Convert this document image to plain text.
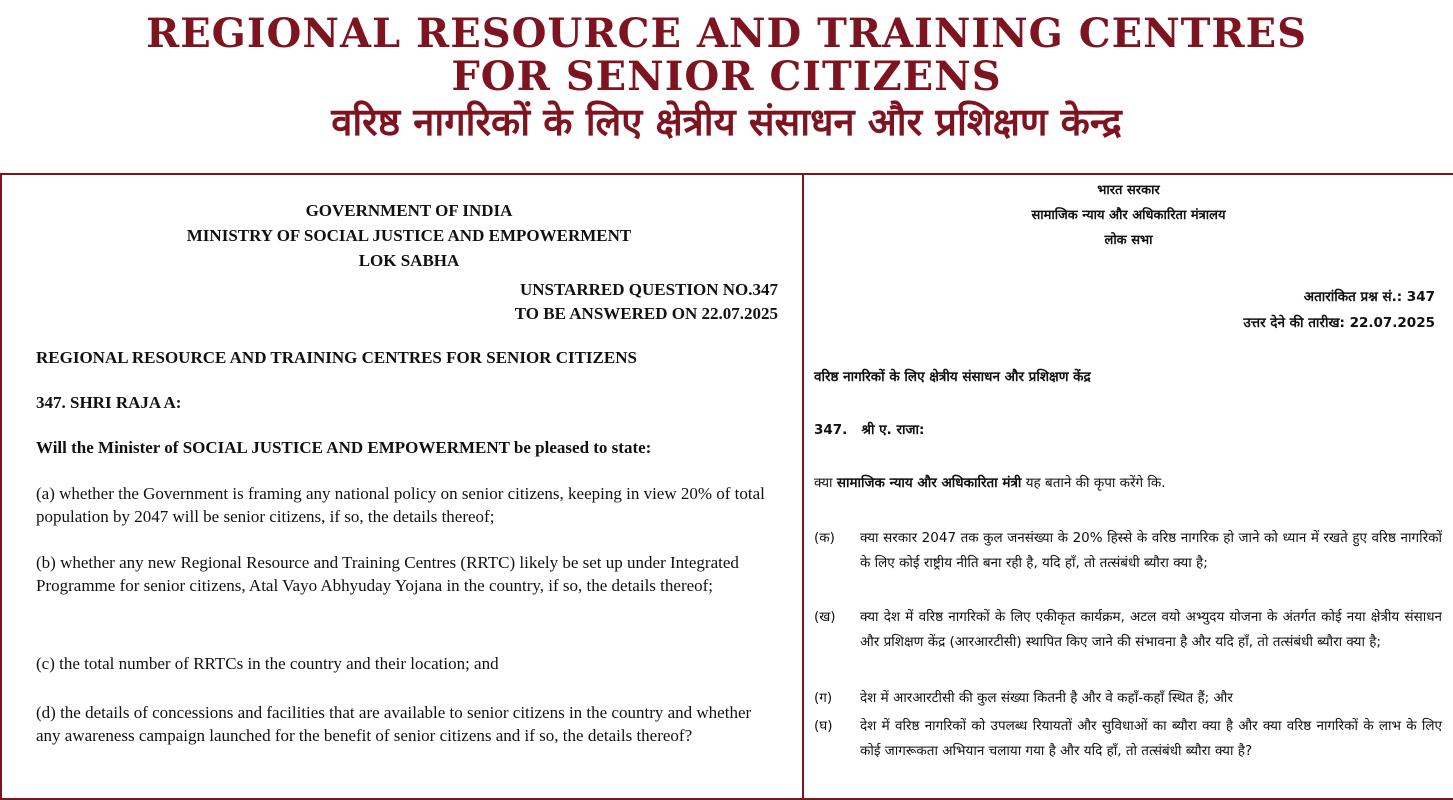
REGIONAL RESOURCE AND TRAINING CENTRES
FOR SENIOR CITIZENS
वरिष्ठ नागरिकों के लिए क्षेत्रीय संसाधन और प्रशिक्षण केन्द्र
GOVERNMENT OF INDIA
MINISTRY OF SOCIAL JUSTICE AND EMPOWERMENT
LOK SABHA
UNSTARRED QUESTION NO.347
TO BE ANSWERED ON 22.07.2025
REGIONAL RESOURCE AND TRAINING CENTRES FOR SENIOR CITIZENS
347. SHRI RAJA A:
Will the Minister of SOCIAL JUSTICE AND EMPOWERMENT be pleased to state:
(a) whether the Government is framing any national policy on senior citizens, keeping in view 20% of total population by 2047 will be senior citizens, if so, the details thereof;
(b) whether any new Regional Resource and Training Centres (RRTC) likely be set up under Integrated Programme for senior citizens, Atal Vayo Abhyuday Yojana in the country, if so, the details thereof;
(c) the total number of RRTCs in the country and their location; and
(d) the details of concessions and facilities that are available to senior citizens in the country and whether any awareness campaign launched for the benefit of senior citizens and if so, the details thereof?
भारत सरकार
सामाजिक न्याय और अधिकारिता मंत्रालय
लोक सभा
अतारांकित प्रश्न सं.: 347
उत्तर देने की तारीख: 22.07.2025
वरिष्ठ नागरिकों के लिए क्षेत्रीय संसाधन और प्रशिक्षण केंद्र
347.   श्री ए. राजा:
क्या सामाजिक न्याय और अधिकारिता मंत्री यह बताने की कृपा करेंगे कि.
(क) क्या सरकार 2047 तक कुल जनसंख्या के 20% हिस्से के वरिष्ठ नागरिक हो जाने को ध्यान में रखते हुए वरिष्ठ नागरिकों के लिए कोई राष्ट्रीय नीति बना रही है, यदि हाँ, तो तत्संबंधी ब्यौरा क्या है;
(ख) क्या देश में वरिष्ठ नागरिकों के लिए एकीकृत कार्यक्रम, अटल वयो अभ्युदय योजना के अंतर्गत कोई नया क्षेत्रीय संसाधन और प्रशिक्षण केंद्र (आरआरटीसी) स्थापित किए जाने की संभावना है और यदि हाँ, तो तत्संबंधी ब्यौरा क्या है;
(ग) देश में आरआरटीसी की कुल संख्या कितनी है और वे कहाँ-कहाँ स्थित हैं; और
(घ) देश में वरिष्ठ नागरिकों को उपलब्ध रियायतों और सुविधाओं का ब्यौरा क्या है और क्या वरिष्ठ नागरिकों के लाभ के लिए कोई जागरूकता अभियान चलाया गया है और यदि हाँ, तो तत्संबंधी ब्यौरा क्या है?
